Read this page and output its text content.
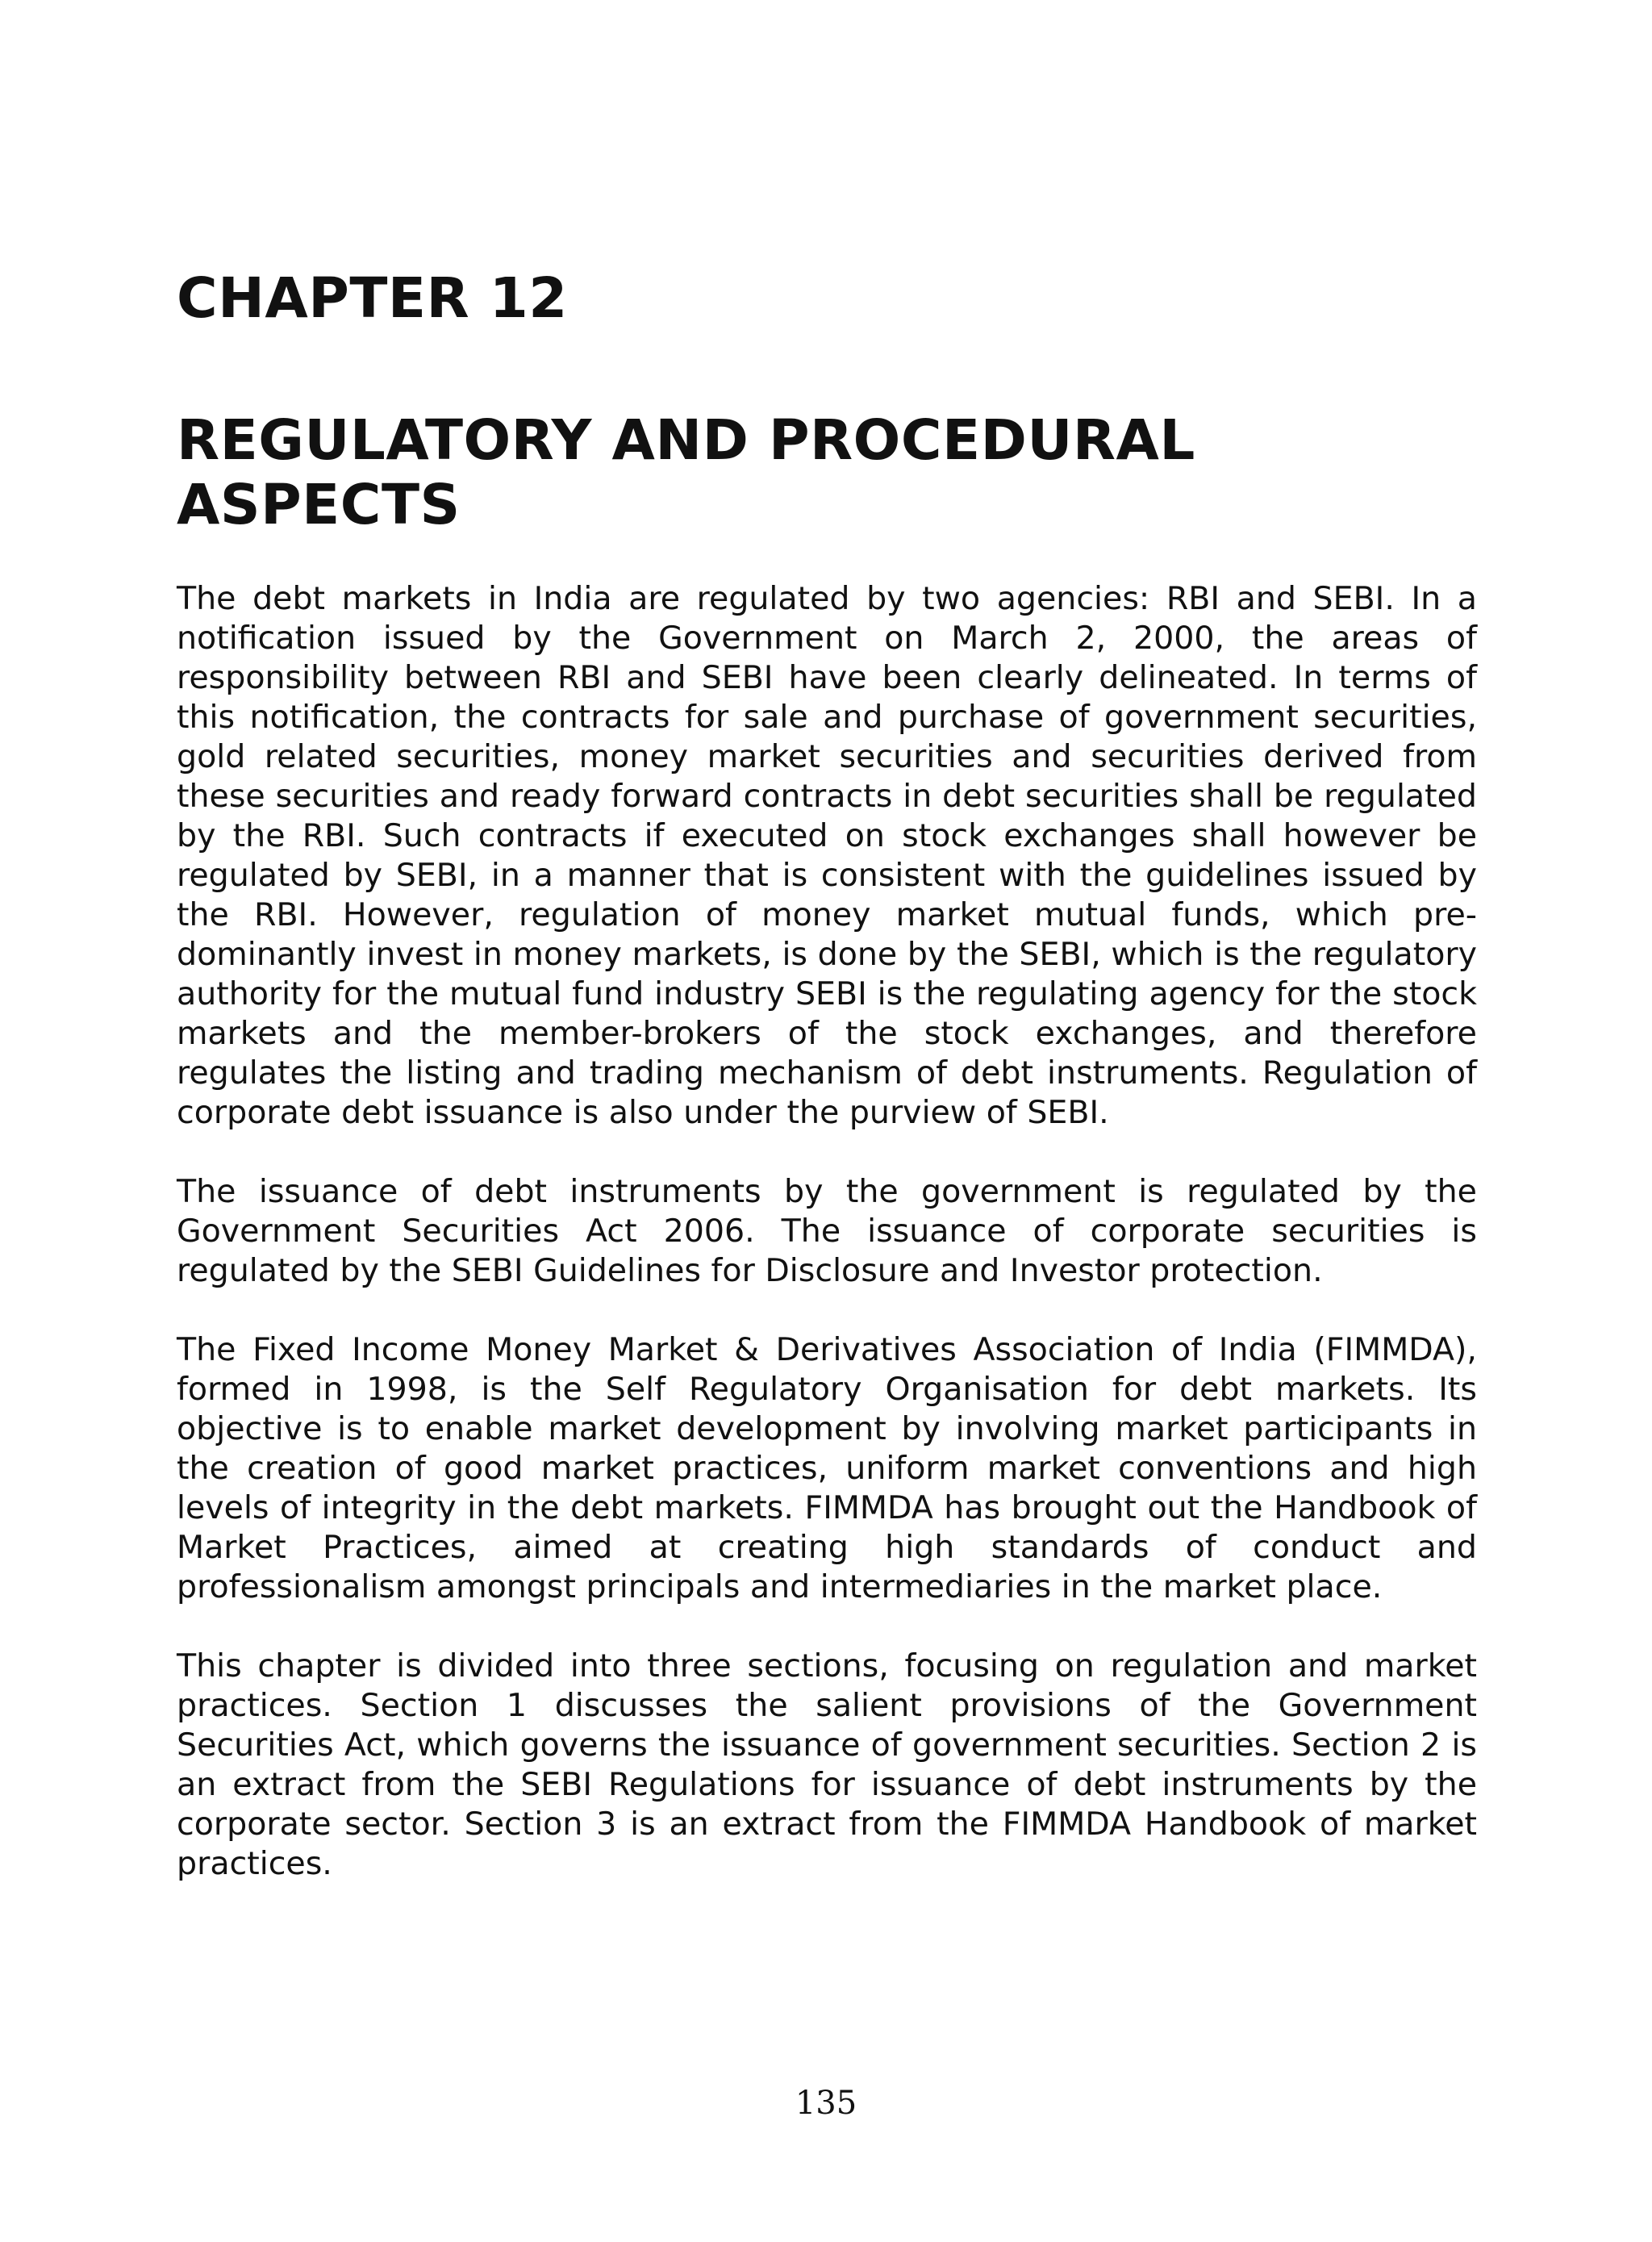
CHAPTER 12
REGULATORY AND PROCEDURAL ASPECTS

The debt markets in India are regulated by two agencies: RBI and SEBI. In a notification issued by the Government on March 2, 2000, the areas of responsibility between RBI and SEBI have been clearly delineated. In terms of this notification, the contracts for sale and purchase of government securities, gold related securities, money market securities and securities derived from these securities and ready forward contracts in debt securities shall be regulated by the RBI. Such contracts if executed on stock exchanges shall however be regulated by SEBI, in a manner that is consistent with the guidelines issued by the RBI. However, regulation of money market mutual funds, which pre-dominantly invest in money markets, is done by the SEBI, which is the regulatory authority for the mutual fund industry SEBI is the regulating agency for the stock markets and the member-brokers of the stock exchanges, and therefore regulates the listing and trading mechanism of debt instruments. Regulation of corporate debt issuance is also under the purview of SEBI.

The issuance of debt instruments by the government is regulated by the Government Securities Act 2006. The issuance of corporate securities is regulated by the SEBI Guidelines for Disclosure and Investor protection.

The Fixed Income Money Market & Derivatives Association of India (FIMMDA), formed in 1998, is the Self Regulatory Organisation for debt markets. Its objective is to enable market development by involving market participants in the creation of good market practices, uniform market conventions and high levels of integrity in the debt markets. FIMMDA has brought out the Handbook of Market Practices, aimed at creating high standards of conduct and professionalism amongst principals and intermediaries in the market place.

This chapter is divided into three sections, focusing on regulation and market practices. Section 1 discusses the salient provisions of the Government Securities Act, which governs the issuance of government securities. Section 2 is an extract from the SEBI Regulations for issuance of debt instruments by the corporate sector. Section 3 is an extract from the FIMMDA Handbook of market practices.

135
